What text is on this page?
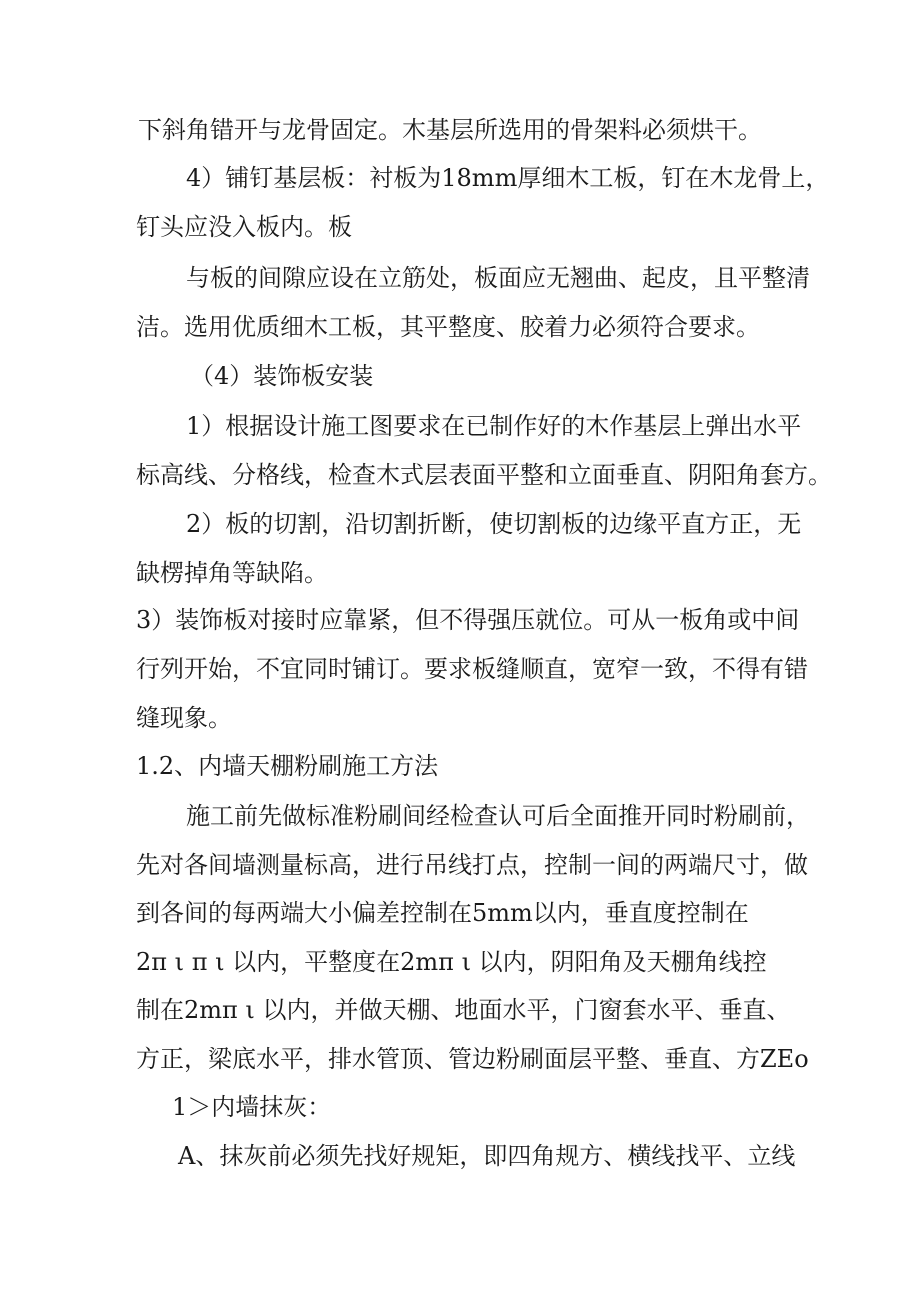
下斜角错开与龙骨固定。木基层所选用的骨架料必须烘干。
4）铺钉基层板：衬板为18mm厚细木工板，钉在木龙骨上，
钉头应没入板内。板
与板的间隙应设在立筋处，板面应无翘曲、起皮，且平整清
洁。选用优质细木工板，其平整度、胶着力必须符合要求。
（4）装饰板安装
1）根据设计施工图要求在已制作好的木作基层上弹出水平
标高线、分格线，检查木式层表面平整和立面垂直、阴阳角套方。
2）板的切割，沿切割折断，使切割板的边缘平直方正，无
缺楞掉角等缺陷。
3）装饰板对接时应靠紧，但不得强压就位。可从一板角或中间
行列开始，不宜同时铺订。要求板缝顺直，宽窄一致，不得有错
缝现象。
1.2、内墙天棚粉刷施工方法
施工前先做标准粉刷间经检查认可后全面推开同时粉刷前，
先对各间墙测量标高，进行吊线打点，控制一间的两端尺寸，做
到各间的每两端大小偏差控制在5mm以内，垂直度控制在
2π ι π ι 以内，平整度在2mπ ι 以内，阴阳角及天棚角线控
制在2mπ ι 以内，并做天棚、地面水平，门窗套水平、垂直、
方正，梁底水平，排水管顶、管边粉刷面层平整、垂直、方ZEo
1＞内墙抹灰：
A、抹灰前必须先找好规矩，即四角规方、横线找平、立线
